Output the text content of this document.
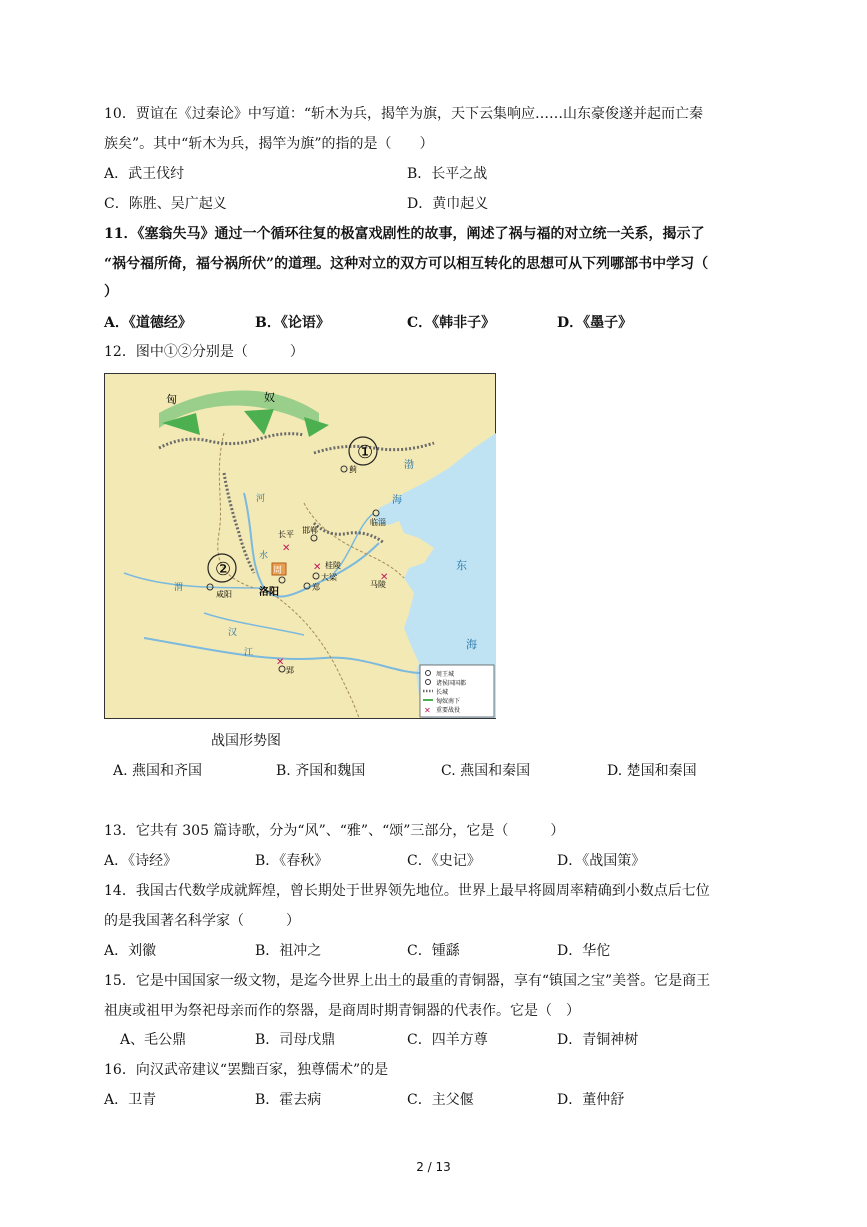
10．贾谊在《过秦论》中写道：“斩木为兵，揭竿为旗，天下云集响应……山东豪俊遂并起而亡秦
族矣”。其中“斩木为兵，揭竿为旗”的指的是（　　）
A．武王伐纣	B．长平之战
C．陈胜、吴广起义	D．黄巾起义
11．《塞翁失马》通过一个循环往复的极富戏剧性的故事，阐述了祸与福的对立统一关系，揭示了
“祸兮福所倚，福兮祸所伏”的道理。这种对立的双方可以相互转化的思想可从下列哪部书中学习（
）
A．《道德经》	B．《论语》	C．《韩非子》	D．《墨子》
12．图中①②分别是（　　　）
匈	奴
①
蓟	渤
海
临淄
邯郸
长平
✕
周
洛阳
✕ 桂陵
大梁
郑
✕
马陵
②
咸阳
河
水
渭
汉
江
✕
郢
东
海
周王城
诸侯国国都
长城
匈奴南下
✕ 重要战役
战国形势图
A. 燕国和齐国	B. 齐国和魏国	C. 燕国和秦国	D. 楚国和秦国
13．它共有 305 篇诗歌，分为“风”、“雅”、“颂”三部分，它是（　　　）
A．《诗经》	B．《春秋》	C．《史记》	D．《战国策》
14．我国古代数学成就辉煌，曾长期处于世界领先地位。世界上最早将圆周率精确到小数点后七位
的是我国著名科学家（　　　）
A．刘徽	B．祖冲之	C．锺繇	D．华佗
15．它是中国国家一级文物，是迄今世界上出土的最重的青铜器，享有“镇国之宝”美誉。它是商王
祖庚或祖甲为祭祀母亲而作的祭器，是商周时期青铜器的代表作。它是（　）
A、毛公鼎	B．司母戊鼎	C．四羊方尊	D．青铜神树
16．向汉武帝建议“罢黜百家，独尊儒术”的是
A．卫青	B．霍去病	C．主父偃	D．董仲舒
2 / 13
